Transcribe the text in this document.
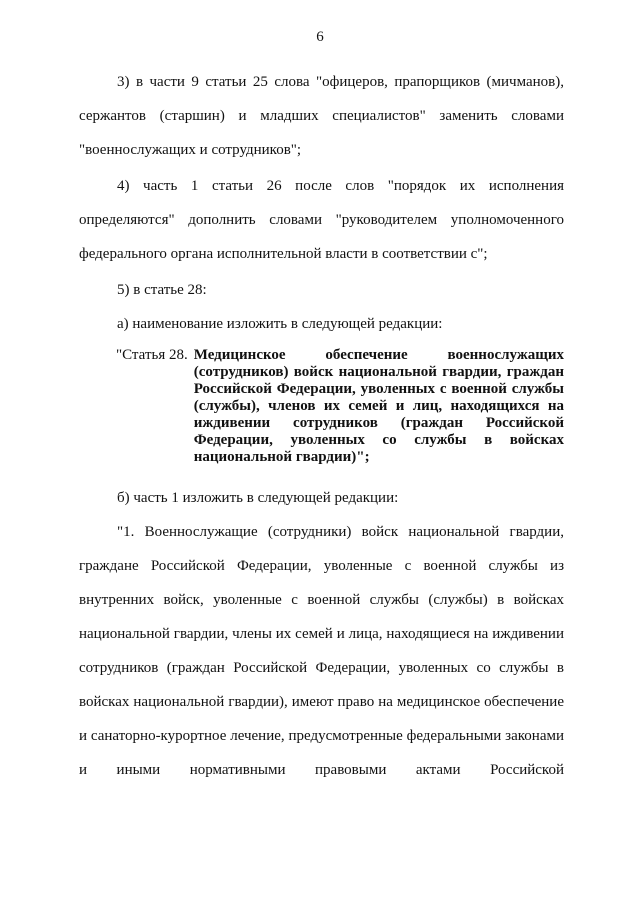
6

3) в части 9 статьи 25 слова "офицеров, прапорщиков (мичманов), сержантов (старшин) и младших специалистов" заменить словами "военнослужащих и сотрудников";

4) часть 1 статьи 26 после слов "порядок их исполнения определяются" дополнить словами "руководителем уполномоченного федерального органа исполнительной власти в соответствии с";

5) в статье 28:

а) наименование изложить в следующей редакции:

"Статья 28. Медицинское обеспечение военнослужащих (сотрудников) войск национальной гвардии, граждан Российской Федерации, уволенных с военной службы (службы), членов их семей и лиц, находящихся на иждивении сотрудников (граждан Российской Федерации, уволенных со службы в войсках национальной гвардии)";

б) часть 1 изложить в следующей редакции:

"1. Военнослужащие (сотрудники) войск национальной гвардии, граждане Российской Федерации, уволенные с военной службы из внутренних войск, уволенные с военной службы (службы) в войсках национальной гвардии, члены их семей и лица, находящиеся на иждивении сотрудников (граждан Российской Федерации, уволенных со службы в войсках национальной гвардии), имеют право на медицинское обеспечение и санаторно-курортное лечение, предусмотренные федеральными законами и иными нормативными правовыми актами Российской
